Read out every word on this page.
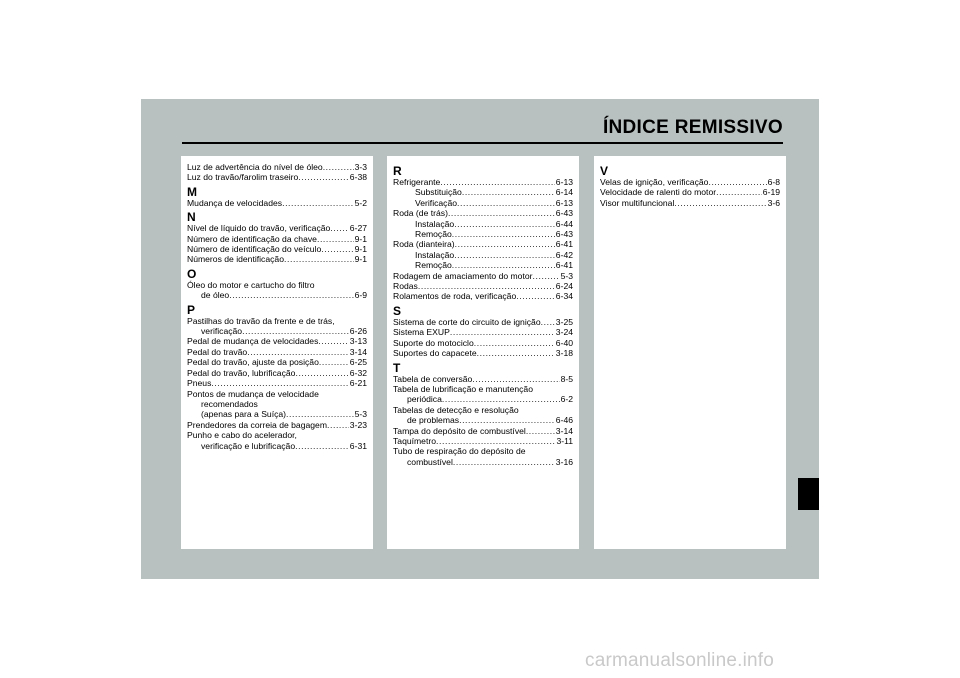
ÍNDICE REMISSIVO
Luz de advertência do nível de óleo .....	3-3
Luz do travão/farolim traseiro .....	6-38
M
Mudança de velocidades .....	5-2
N
Nível de líquido do travão, verificação ..... 6-27
Número de identificação da chave .....	9-1
Número de identificação do veículo .....	9-1
Números de identificação .....	9-1
O
Óleo do motor e cartucho do filtro
de óleo .....	6-9
P
Pastilhas do travão da frente e de trás,
verificação .....	6-26
Pedal de mudança de velocidades .....	3-13
Pedal do travão .....	3-14
Pedal do travão, ajuste da posição .....	6-25
Pedal do travão, lubrificação .....	6-32
Pneus .....	6-21
Pontos de mudança de velocidade
recomendados
(apenas para a Suíça) .....	5-3
Prendedores da correia de bagagem .....	3-23
Punho e cabo do acelerador,
verificação e lubrificação .....	6-31
R
Refrigerante .....	6-13
Substituição .....	6-14
Verificação .....	6-13
Roda (de trás) .....	6-43
Instalação .....	6-44
Remoção .....	6-43
Roda (dianteira) .....	6-41
Instalação .....	6-42
Remoção .....	6-41
Rodagem de amaciamento do motor .....	5-3
Rodas .....	6-24
Rolamentos de roda, verificação .....	6-34
S
Sistema de corte do circuito de ignição ..... 3-25
Sistema EXUP .....	3-24
Suporte do motociclo .....	6-40
Suportes do capacete .....	3-18
T
Tabela de conversão .....	8-5
Tabela de lubrificação e manutenção
periódica .....	6-2
Tabelas de detecção e resolução
de problemas .....	6-46
Tampa do depósito de combustível .....	3-14
Taquímetro .....	3-11
Tubo de respiração do depósito de
combustível .....	3-16
V
Velas de ignição, verificação .....	6-8
Velocidade de ralenti do motor .....	6-19
Visor multifuncional .....	3-6
carmanualsonline.info
